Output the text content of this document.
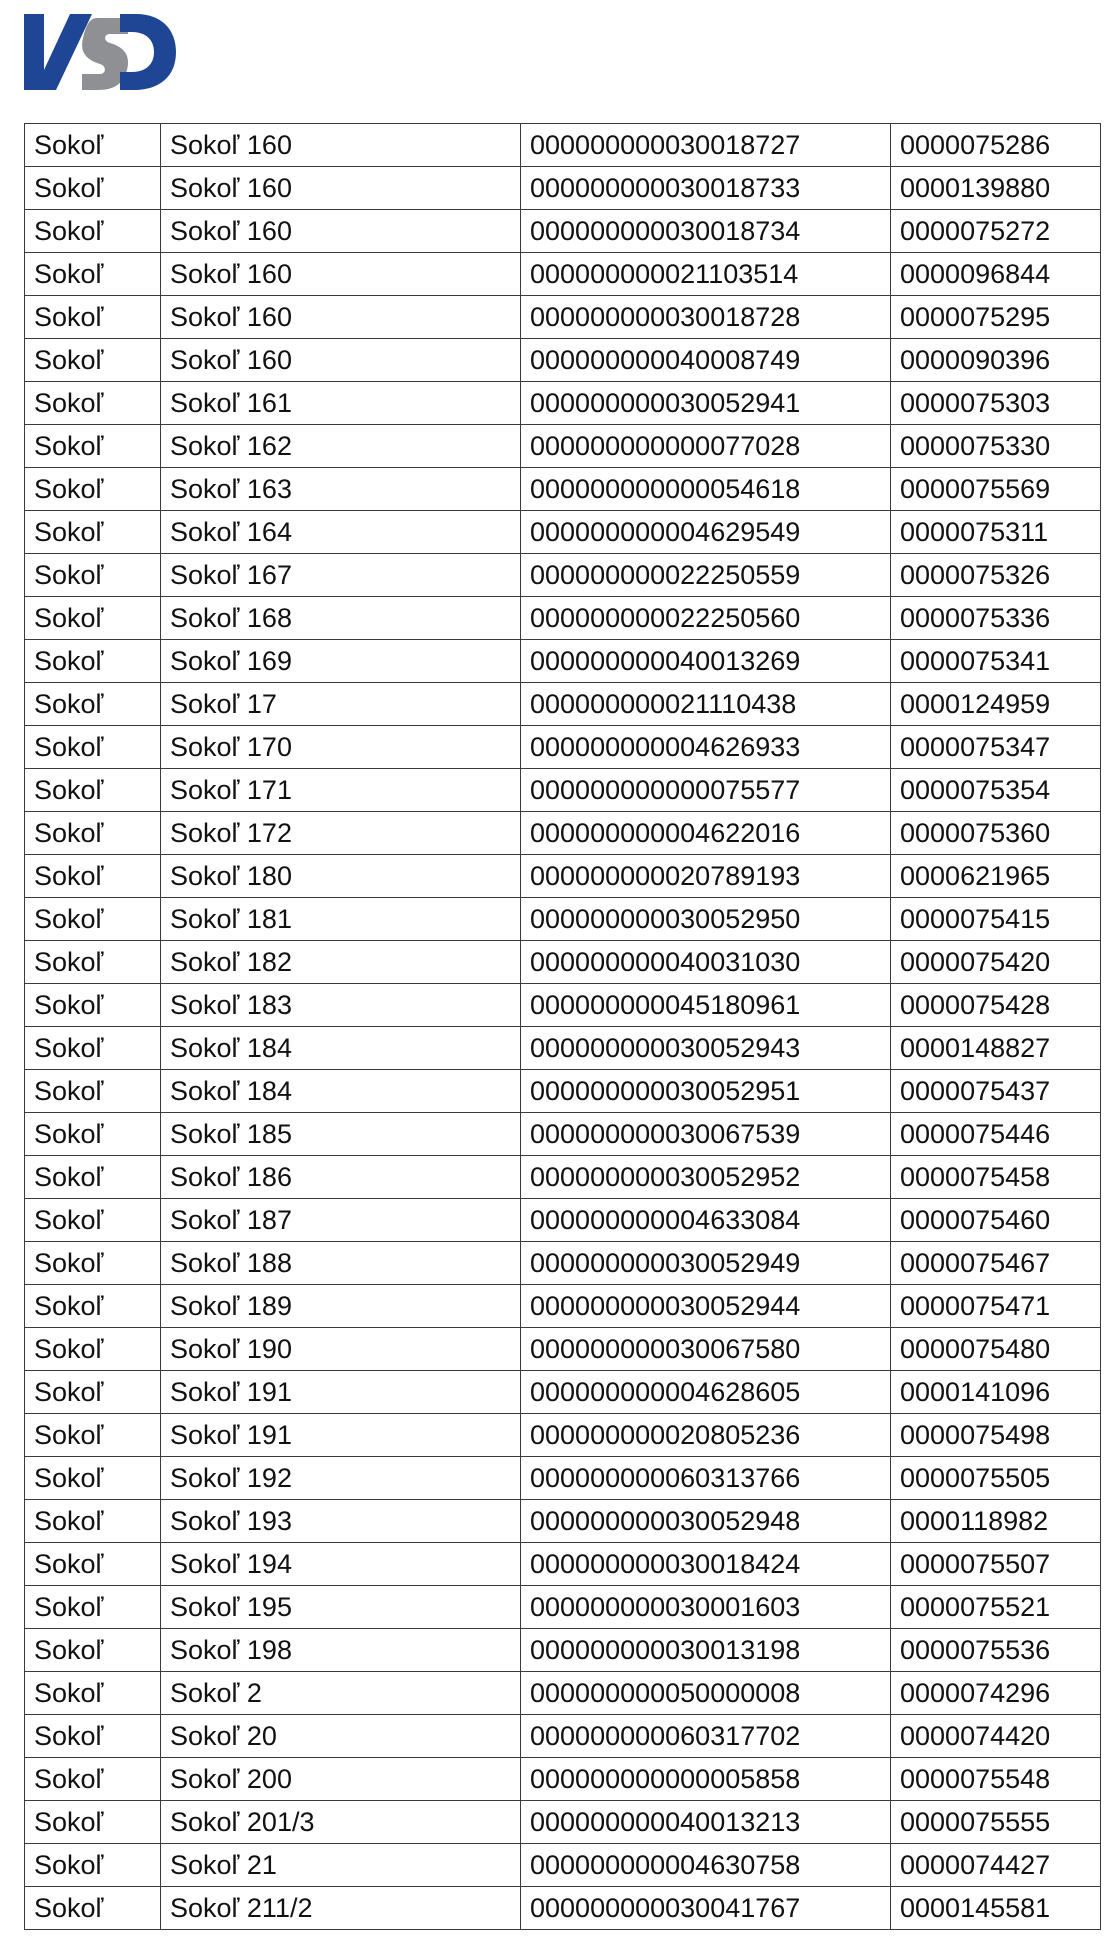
Sokoľ	Sokoľ 160	000000000030018727	0000075286
Sokoľ	Sokoľ 160	000000000030018733	0000139880
Sokoľ	Sokoľ 160	000000000030018734	0000075272
Sokoľ	Sokoľ 160	000000000021103514	0000096844
Sokoľ	Sokoľ 160	000000000030018728	0000075295
Sokoľ	Sokoľ 160	000000000040008749	0000090396
Sokoľ	Sokoľ 161	000000000030052941	0000075303
Sokoľ	Sokoľ 162	000000000000077028	0000075330
Sokoľ	Sokoľ 163	000000000000054618	0000075569
Sokoľ	Sokoľ 164	000000000004629549	0000075311
Sokoľ	Sokoľ 167	000000000022250559	0000075326
Sokoľ	Sokoľ 168	000000000022250560	0000075336
Sokoľ	Sokoľ 169	000000000040013269	0000075341
Sokoľ	Sokoľ 17	000000000021110438	0000124959
Sokoľ	Sokoľ 170	000000000004626933	0000075347
Sokoľ	Sokoľ 171	000000000000075577	0000075354
Sokoľ	Sokoľ 172	000000000004622016	0000075360
Sokoľ	Sokoľ 180	000000000020789193	0000621965
Sokoľ	Sokoľ 181	000000000030052950	0000075415
Sokoľ	Sokoľ 182	000000000040031030	0000075420
Sokoľ	Sokoľ 183	000000000045180961	0000075428
Sokoľ	Sokoľ 184	000000000030052943	0000148827
Sokoľ	Sokoľ 184	000000000030052951	0000075437
Sokoľ	Sokoľ 185	000000000030067539	0000075446
Sokoľ	Sokoľ 186	000000000030052952	0000075458
Sokoľ	Sokoľ 187	000000000004633084	0000075460
Sokoľ	Sokoľ 188	000000000030052949	0000075467
Sokoľ	Sokoľ 189	000000000030052944	0000075471
Sokoľ	Sokoľ 190	000000000030067580	0000075480
Sokoľ	Sokoľ 191	000000000004628605	0000141096
Sokoľ	Sokoľ 191	000000000020805236	0000075498
Sokoľ	Sokoľ 192	000000000060313766	0000075505
Sokoľ	Sokoľ 193	000000000030052948	0000118982
Sokoľ	Sokoľ 194	000000000030018424	0000075507
Sokoľ	Sokoľ 195	000000000030001603	0000075521
Sokoľ	Sokoľ 198	000000000030013198	0000075536
Sokoľ	Sokoľ 2	000000000050000008	0000074296
Sokoľ	Sokoľ 20	000000000060317702	0000074420
Sokoľ	Sokoľ 200	000000000000005858	0000075548
Sokoľ	Sokoľ 201/3	000000000040013213	0000075555
Sokoľ	Sokoľ 21	000000000004630758	0000074427
Sokoľ	Sokoľ 211/2	000000000030041767	0000145581
